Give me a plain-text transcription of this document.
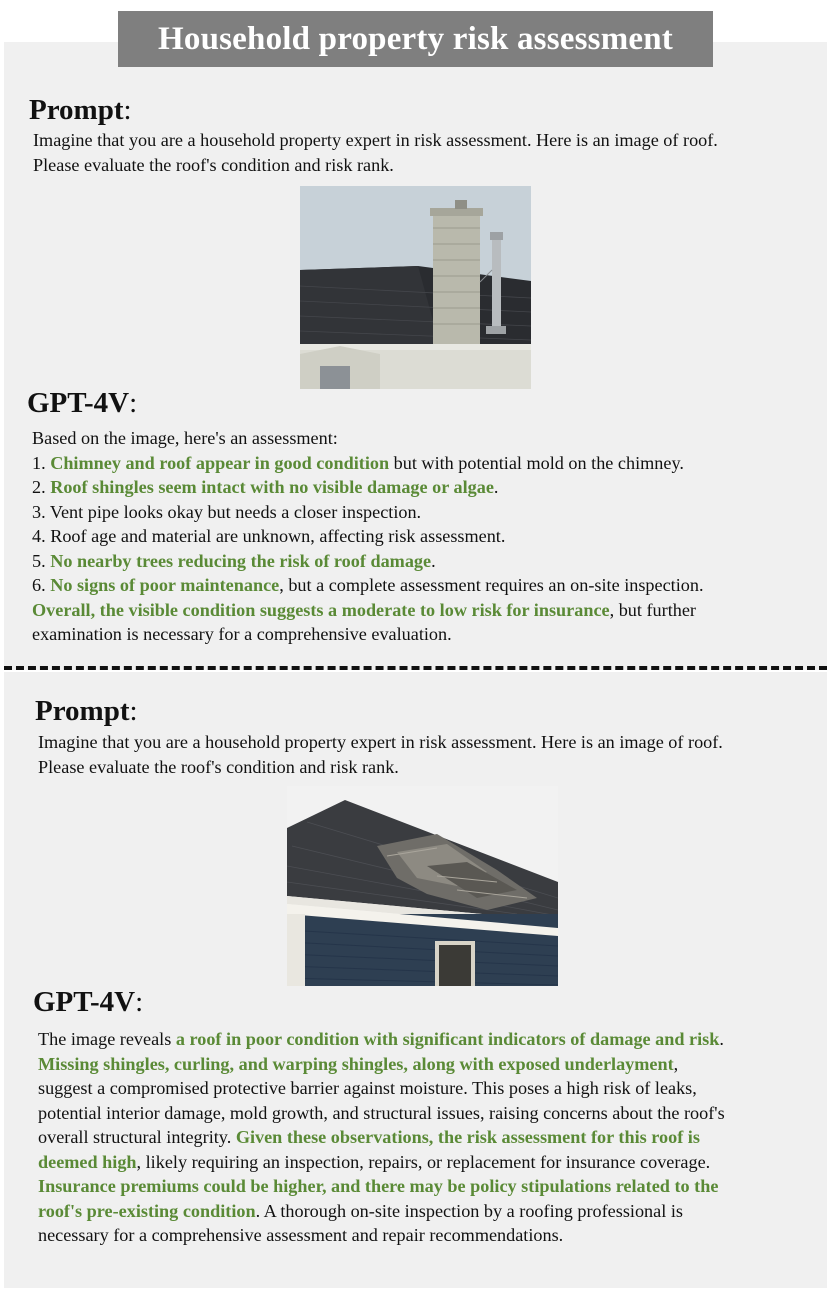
Household property risk assessment
Prompt:
Imagine that you are a household property expert in risk assessment. Here is an image of roof.
Please evaluate the roof's condition and risk rank.
GPT-4V:
Based on the image, here's an assessment:
1. Chimney and roof appear in good condition but with potential mold on the chimney.
2. Roof shingles seem intact with no visible damage or algae.
3. Vent pipe looks okay but needs a closer inspection.
4. Roof age and material are unknown, affecting risk assessment.
5. No nearby trees reducing the risk of roof damage.
6. No signs of poor maintenance, but a complete assessment requires an on-site inspection.
Overall, the visible condition suggests a moderate to low risk for insurance, but further
examination is necessary for a comprehensive evaluation.
Prompt:
Imagine that you are a household property expert in risk assessment. Here is an image of roof.
Please evaluate the roof's condition and risk rank.
GPT-4V:
The image reveals a roof in poor condition with significant indicators of damage and risk.
Missing shingles, curling, and warping shingles, along with exposed underlayment,
suggest a compromised protective barrier against moisture. This poses a high risk of leaks,
potential interior damage, mold growth, and structural issues, raising concerns about the roof's
overall structural integrity. Given these observations, the risk assessment for this roof is
deemed high, likely requiring an inspection, repairs, or replacement for insurance coverage.
Insurance premiums could be higher, and there may be policy stipulations related to the
roof's pre-existing condition. A thorough on-site inspection by a roofing professional is
necessary for a comprehensive assessment and repair recommendations.
